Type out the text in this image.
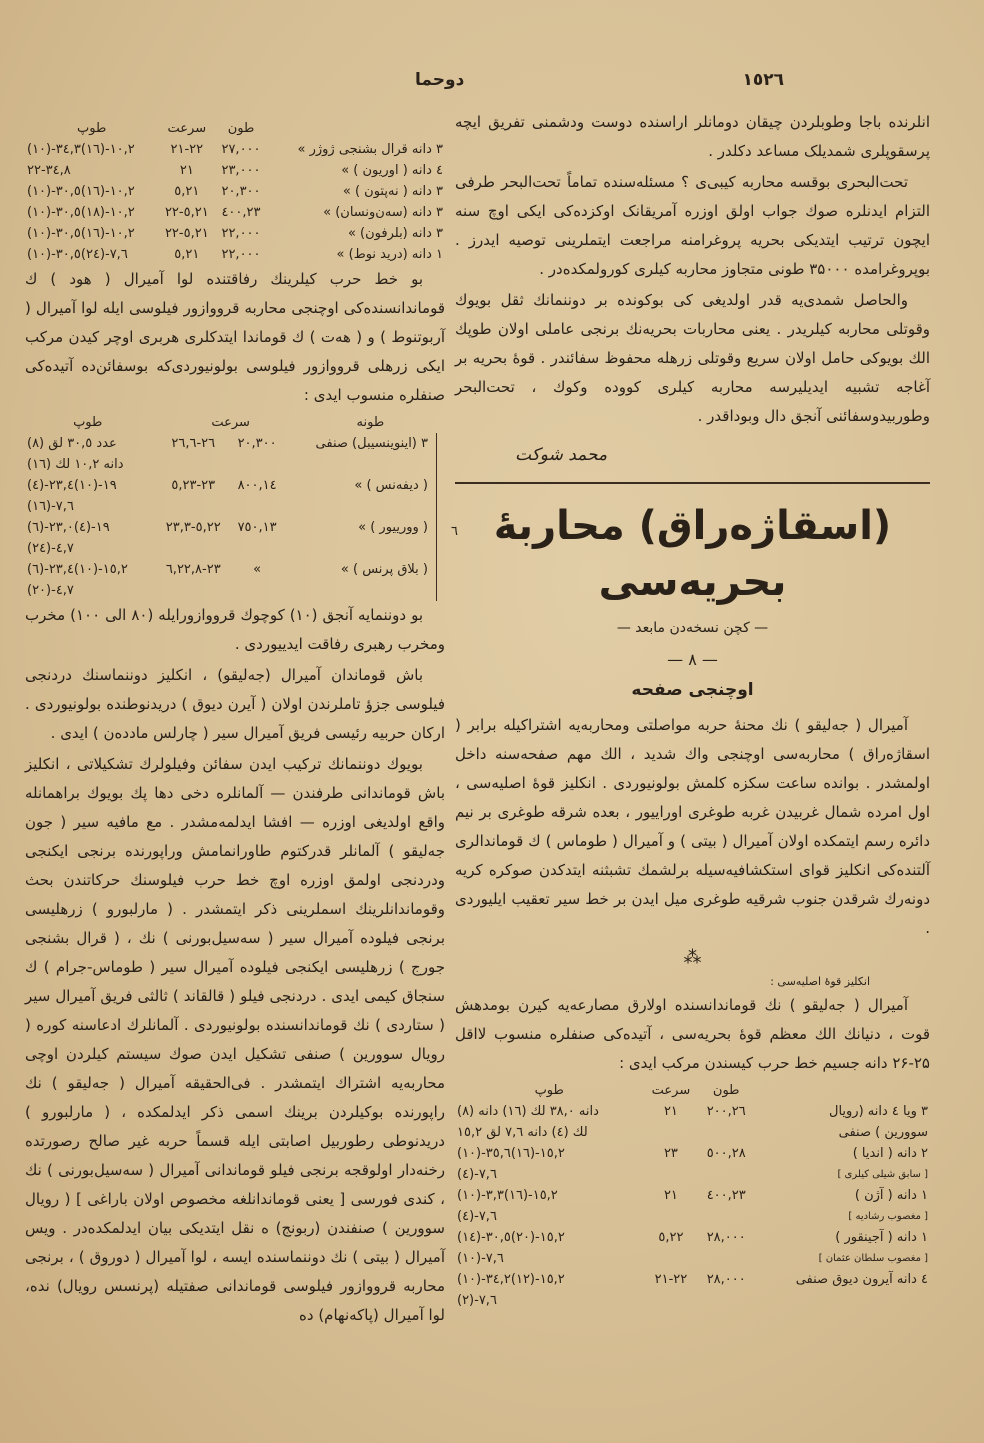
١٥٢٦
دوحما

انلرنده باجا وطوبلردن چیقان دومانلر اراسنده دوست ودشمنی تفریق ایچه پرسقوپلری شمدیلک مساعد دکلدر .

تحت‌البحری بوقسه محاربه کیبی‌ی ؟ مسئله‌سنده تماماً تحت‌البحر طرفی التزام ایدنلره صوك جواب اولق اوزره آمریقانک اوکزده‌کی ایکی اوچ سنه ایچون ترتیب ایتدیکی بحریه پروغرامنه مراجعت ایتملرینی توصیه ایدرز . بوپروغرامده ۳۵۰۰۰ طونی متجاوز محاربه کیلری کورولمکده‌در .

والحاصل شمدی‌یه قدر اولدیغی کی بوکونده بر دوننمانك ثقل بویوك وقوتلی محاربه کیلریدر . یعنی محاربات بحریه‌نك برنجی عاملی اولان طوپك الك بویوکی حامل اولان سریع وقوتلی زرهله محفوظ سفائندر . قوهٔ بحریه بر آغاجه تشبیه ایدیلیرسه محاربه کیلری کووده وکوك ، تحت‌البحر وطوربیدوسفائنی آنجق دال وبوداقدر .

محمد شوکت
(اسقاژه‌راق) محاربهٔ بحریه‌سی
— کچن نسخه‌دن مابعد —
— ٨ —
اوچنجی صفحه

آمیرال ( جه‌لیقو ) نك محنهٔ حربه مواصلتی ومحاربه‌یه اشتراکیله برابر ( اسقاژه‌راق ) محاربه‌سی اوچنجی واك شدید ، الك مهم صفحه‌سنه داخل اولمشدر . بوانده ساعت سکزه کلمش بولونیوردی . انکلیز قوهٔ اصلیه‌سی ، اول امرده شمال غربیدن غربه طوغری اوراییور ، بعده شرقه طوغری بر نیم دائره رسم ایتمکده اولان آمیرال ( بیتی ) و آمیرال ( طوماس ) ك قوماندالری آلتنده‌کی انکلیز قوای استکشافیه‌سیله برلشمك تشبثنه ایتدکدن صوکره کریه دونه‌رك شرقدن جنوب شرقیه طوغری میل ایدن بر خط سیر تعقیب ایلیوردی .

⁂
انکلیز قوهٔ اصلیه‌سی :

آمیرال ( جه‌لیقو ) نك قوماندانسنده اولارق مصارعه‌یه کیرن بومدهش قوت ، دنیانك الك معظم قوهٔ بحریه‌سی ، آتیده‌کی صنفلره منسوب لااقل ۲۵-۲۶ دانه جسیم خط حرب کیسندن مرکب ایدی :

	طون	سرعت	طوپ
۳ ویا ٤ دانه (رویال	۲٦,۲۰۰	۲۱	(۸) دانه ۳۸,۰ لك (۱٦) دانه
سوورین ) صنفی			۱٥,۲ لك (٤) دانه ۷,٦ لق
۲ دانه ( اندیا )	۲۸,٥۰۰	۲۳	(۱۰)-۳٥,٦(۱٦)-۱٥,۲
[ سابق شیلی کیلری ]			(٤)-۷,٦
۱ دانه ( آژن )	۲۳,٤۰۰	۲۱	(۱۰)-۳,۳(۱٦)-۱٥,۲
[ مغصوب رشادیه ]			(٤)-۷,٦
۱ دانه ( آجینقور )	۲۸,۰۰۰	۲۲,٥	(۱٤)-۳۰,٥(۲۰)-۱٥,۲
[ مغصوب سلطان عثمان ]			(۱۰)-۷,٦
٤ دانه آیرون دیوق صنفی	۲۸,۰۰۰	۲۱-۲۲	(۱۰)-۳٤,۲(۱۲)-۱٥,۲
			(۲)-۷,٦
	طون	سرعت	طوپ
۳ دانه قرال بشنجی ژوژر »	۲۷,۰۰۰	۲۱-۲۲	(۱۰)-۳٤,۳(۱٦)-۱۰,۲
٤ دانه ( اوریون ) »	۲۳,۰۰۰	۲۱	۲۲-۳٤,۸
۳ دانه ( نه‌پتون ) »	۲۰,۳۰۰	۲۱,٥	(۱۰)-۳۰,٥(۱٦)-۱۰,۲
۳ دانه (سه‌ن‌ونسان) »	۲۳,٤۰۰	۲۱,٥-۲۲	(۱۰)-۳۰,٥(۱۸)-۱۰,۲
۳ دانه (بلرفون) »	۲۲,۰۰۰	۲۱,٥-۲۲	(۱۰)-۳۰,٥(۱٦)-۱۰,۲
۱ دانه (درید نوط) »	۲۲,۰۰۰	۲۱,٥	(۱۰)-۳۰,٥(۲٤)-۷,٦

بو خط حرب کیلرینك رفاقتنده لوا آمیرال ( هود ) ك قوماندانسنده‌کی اوچنجی محاربه قرووازور فیلوسی ایله لوا آمیرال ( آربوتنوط ) و ( هه‌ت ) ك قوماندا ایتدکلری هربری اوچر کیدن مرکب ایکی زرهلی قرووازور فیلوسی بولونیوردی‌که بوسفائن‌ده آتیده‌کی صنفلره منسوب ایدی :

	طونه	سرعت	طوپ
٦
۳ (اینوینسیبل) صنفی	۲۰,۳۰۰	۲٦-۲٦,٦	(۸) عدد ۳۰,٥ لق
			(۱٦) دانه ۱۰,۲ لك
( دیفه‌نس ) »	۱٤,۸۰۰	۲۳-۲۳,٥	(٤)-۲۳,٤(۱۰)-۱۹
			(۱٦)-۷,٦
( وورییور ) »	۱۳,٧٥۰	۲۲,٥-۲۳,۳	(٦)-۲۳,۰(٤)-۱۹
			(۲٤)-٤,۷
( بلاق پرنس ) »	»	۲۲,۸-۲۳,٦	(٦)-۲۳,٤(۱۰)-۱٥,۲
			(۲۰)-٤,۷

بو دوننمایه آنجق (۱۰) کوچوك قرووازورایله (۸۰ الی ۱۰۰) مخرب ومخرب رهبری رفاقت ایدییوردی .

باش قوماندان آمیرال (جه‌لیقو) ، انکلیز دوننماسنك دردنجی فیلوسی جزؤ تاملرندن اولان ( آیرن دیوق ) دریدنوطنده بولونیوردی . ارکان حربیه رئیسی فریق آمیرال سیر ( چارلس مادده‌ن ) ایدی .

بویوك دوننمانك ترکیب ایدن سفائن وفیلولرك تشکیلاتی ، انکلیز باش قوماندانی طرفندن — آلمانلره دخی دها پك بویوك براهمانله واقع اولدیغی اوزره — افشا ایدلمه‌مشدر . مع مافیه سیر ( جون جه‌لیقو ) آلمانلر قدرکتوم طاورانمامش وراپورنده برنجی ایکنجی ودردنجی اولمق اوزره اوچ خط حرب فیلوسنك حرکاتندن بحث وقوماندانلرینك اسملرینی ذکر ایتمشدر . ( مارلبورو ) زرهلیسی برنجی فیلوده آمیرال سیر ( سه‌سیل‌بورنی ) نك ، ( قرال بشنجی جورج ) زرهلیسی ایکنجی فیلوده آمیرال سیر ( طوماس-جرام ) ك سنجاق کیمی ایدی . دردنجی فیلو ( قالقاند ) ثالثی فریق آمیرال سیر ( ستاردی ) نك قوماندانسنده بولونیوردی . آلمانلرك ادعاسنه کوره ( رویال سوورین ) صنفی تشکیل ایدن صوك سیستم کیلردن اوچی محاربه‌یه اشتراك ایتمشدر . فی‌الحقیقه آمیرال ( جه‌لیقو ) نك راپورنده بوکیلردن برینك اسمی ذکر ایدلمکده ، ( مارلبورو ) دریدنوطی رطوربیل اصابتی ایله قسماً حربه غیر صالح رصورتده رخنه‌دار اولوقجه برنجی فیلو قوماندانی آمیرال ( سه‌سیل‌بورنی ) نك ، کندی فورسی [ یعنی قوماندانلغه مخصوص اولان باراغی ] ( رویال سوورین ) صنفندن (ربونج) ه نقل ایتدیکی بیان ایدلمکده‌در . ویس آمیرال ( بیتی ) نك دوننماسنده ایسه ، لوا آمیرال ( دوروق ) ، برنجی محاربه قرووازور فیلوسی قوماندانی صفتیله (پرنسس رویال) نده، لوا آمیرال (پاکه‌نهام) ده
